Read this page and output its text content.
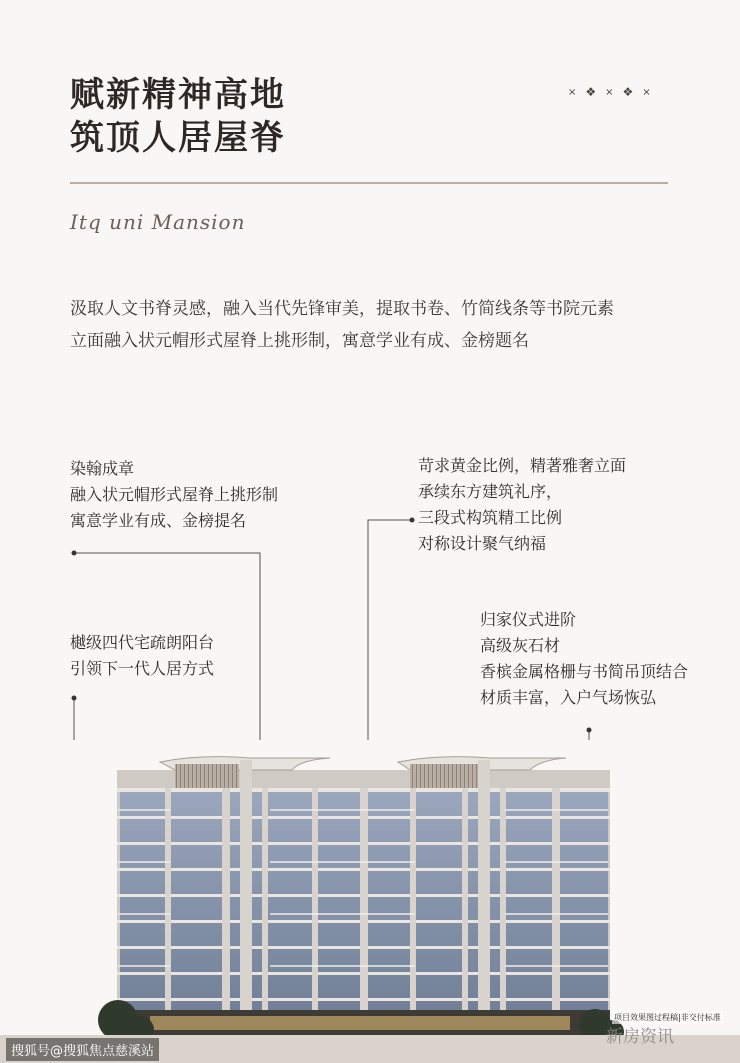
赋新精神高地
筑顶人居屋脊
× ❖ × ❖ ×
Itq uni Mansion
汲取人文书脊灵感，融入当代先锋审美，提取书卷、竹简线条等书院元素
立面融入状元帽形式屋脊上挑形制，寓意学业有成、金榜题名
染翰成章
融入状元帽形式屋脊上挑形制
寓意学业有成、金榜提名
苛求黄金比例，精著雅奢立面
承续东方建筑礼序，
三段式构筑精工比例
对称设计聚气纳福
樾级四代宅疏朗阳台
引领下一代人居方式
归家仪式进阶
高级灰石材
香槟金属格栅与书简吊顶结合
材质丰富，入户气场恢弘
项目效果图过程稿|非交付标准
搜狐号@搜狐焦点慈溪站
新房资讯
